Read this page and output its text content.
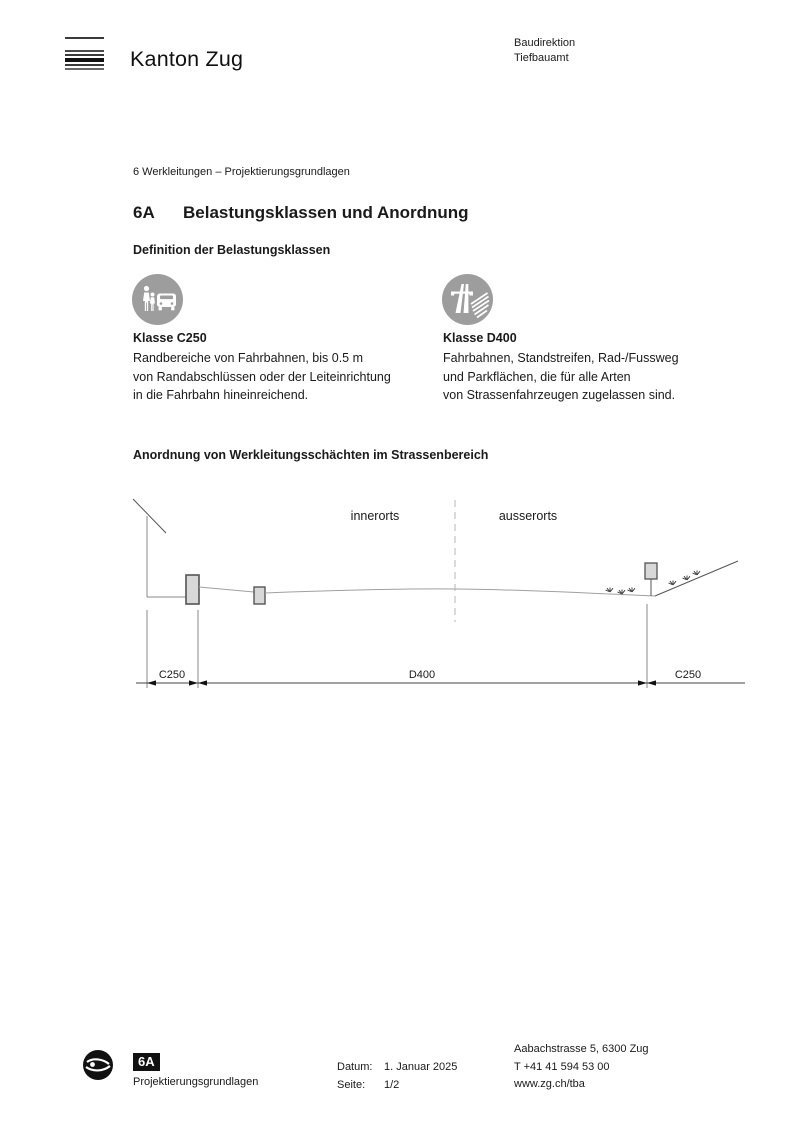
Kanton Zug
Baudirektion
Tiefbauamt
6 Werkleitungen – Projektierungsgrundlagen
6A Belastungsklassen und Anordnung
Definition der Belastungsklassen
Klasse C250
Randbereiche von Fahrbahnen, bis 0.5 m
von Randabschlüssen oder der Leiteinrichtung
in die Fahrbahn hineinreichend.
Klasse D400
Fahrbahnen, Standstreifen, Rad-/Fussweg
und Parkflächen, die für alle Arten
von Strassenfahrzeugen zugelassen sind.
Anordnung von Werkleitungsschächten im Strassenbereich
innerorts	ausserorts
C250	D400	C250
6A
Projektierungsgrundlagen
Datum:	1. Januar 2025
Seite:	1/2
Aabachstrasse 5, 6300 Zug
T +41 41 594 53 00
www.zg.ch/tba
